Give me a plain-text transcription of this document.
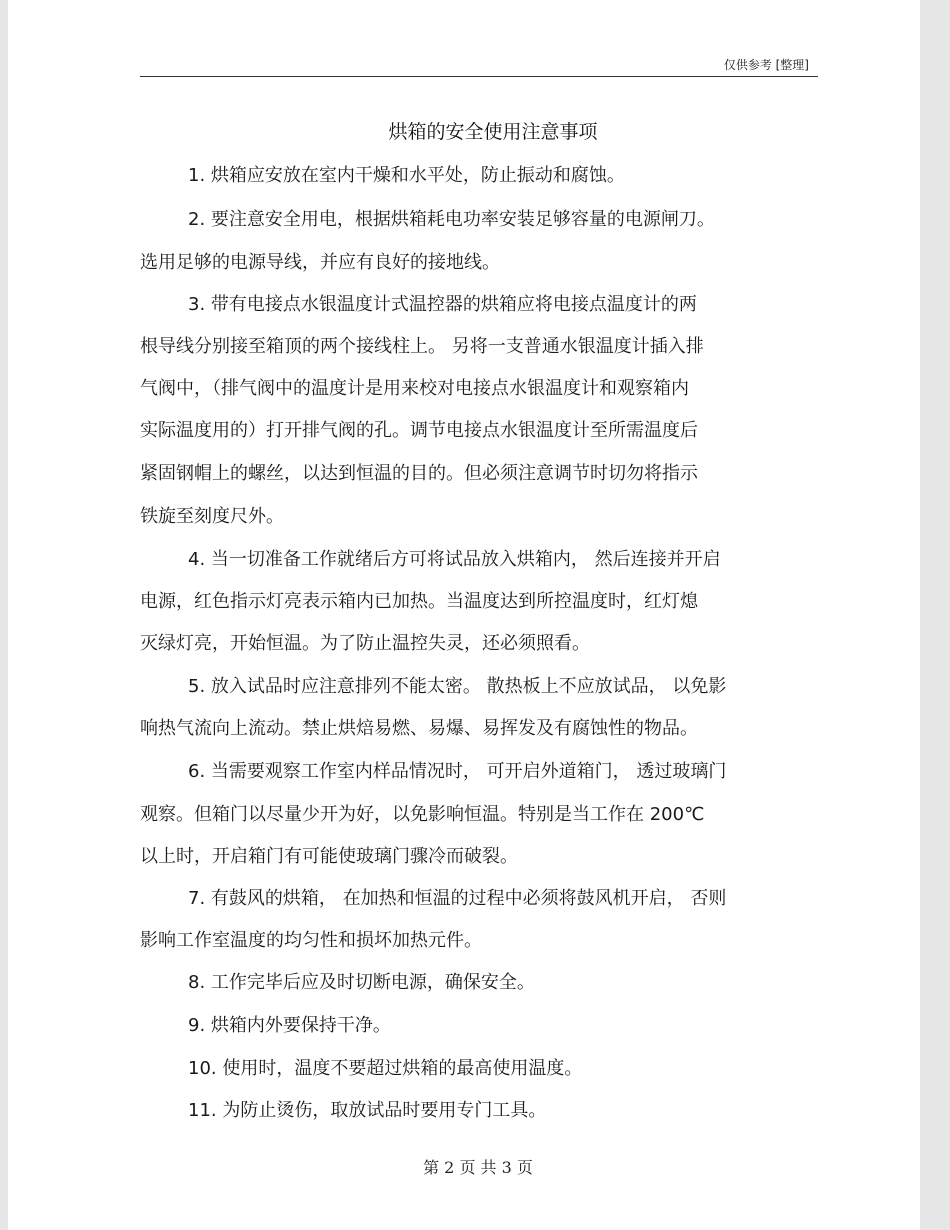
仅供参考 [整理]
烘箱的安全使用注意事项
1. 烘箱应安放在室内干燥和水平处，防止振动和腐蚀。
2. 要注意安全用电，根据烘箱耗电功率安装足够容量的电源闸刀。
选用足够的电源导线，并应有良好的接地线。
3. 带有电接点水银温度计式温控器的烘箱应将电接点温度计的两
根导线分别接至箱顶的两个接线柱上。 另将一支普通水银温度计插入排
气阀中，（排气阀中的温度计是用来校对电接点水银温度计和观察箱内
实际温度用的）打开排气阀的孔。调节电接点水银温度计至所需温度后
紧固钢帽上的螺丝，以达到恒温的目的。但必须注意调节时切勿将指示
铁旋至刻度尺外。
4. 当一切准备工作就绪后方可将试品放入烘箱内， 然后连接并开启
电源，红色指示灯亮表示箱内已加热。当温度达到所控温度时，红灯熄
灭绿灯亮，开始恒温。为了防止温控失灵，还必须照看。
5. 放入试品时应注意排列不能太密。 散热板上不应放试品， 以免影
响热气流向上流动。禁止烘焙易燃、易爆、易挥发及有腐蚀性的物品。
6. 当需要观察工作室内样品情况时， 可开启外道箱门， 透过玻璃门
观察。但箱门以尽量少开为好，以免影响恒温。特别是当工作在 200℃
以上时，开启箱门有可能使玻璃门骤冷而破裂。
7. 有鼓风的烘箱， 在加热和恒温的过程中必须将鼓风机开启， 否则
影响工作室温度的均匀性和损坏加热元件。
8. 工作完毕后应及时切断电源，确保安全。
9. 烘箱内外要保持干净。
10. 使用时，温度不要超过烘箱的最高使用温度。
11. 为防止烫伤，取放试品时要用专门工具。
第 2 页 共 3 页
